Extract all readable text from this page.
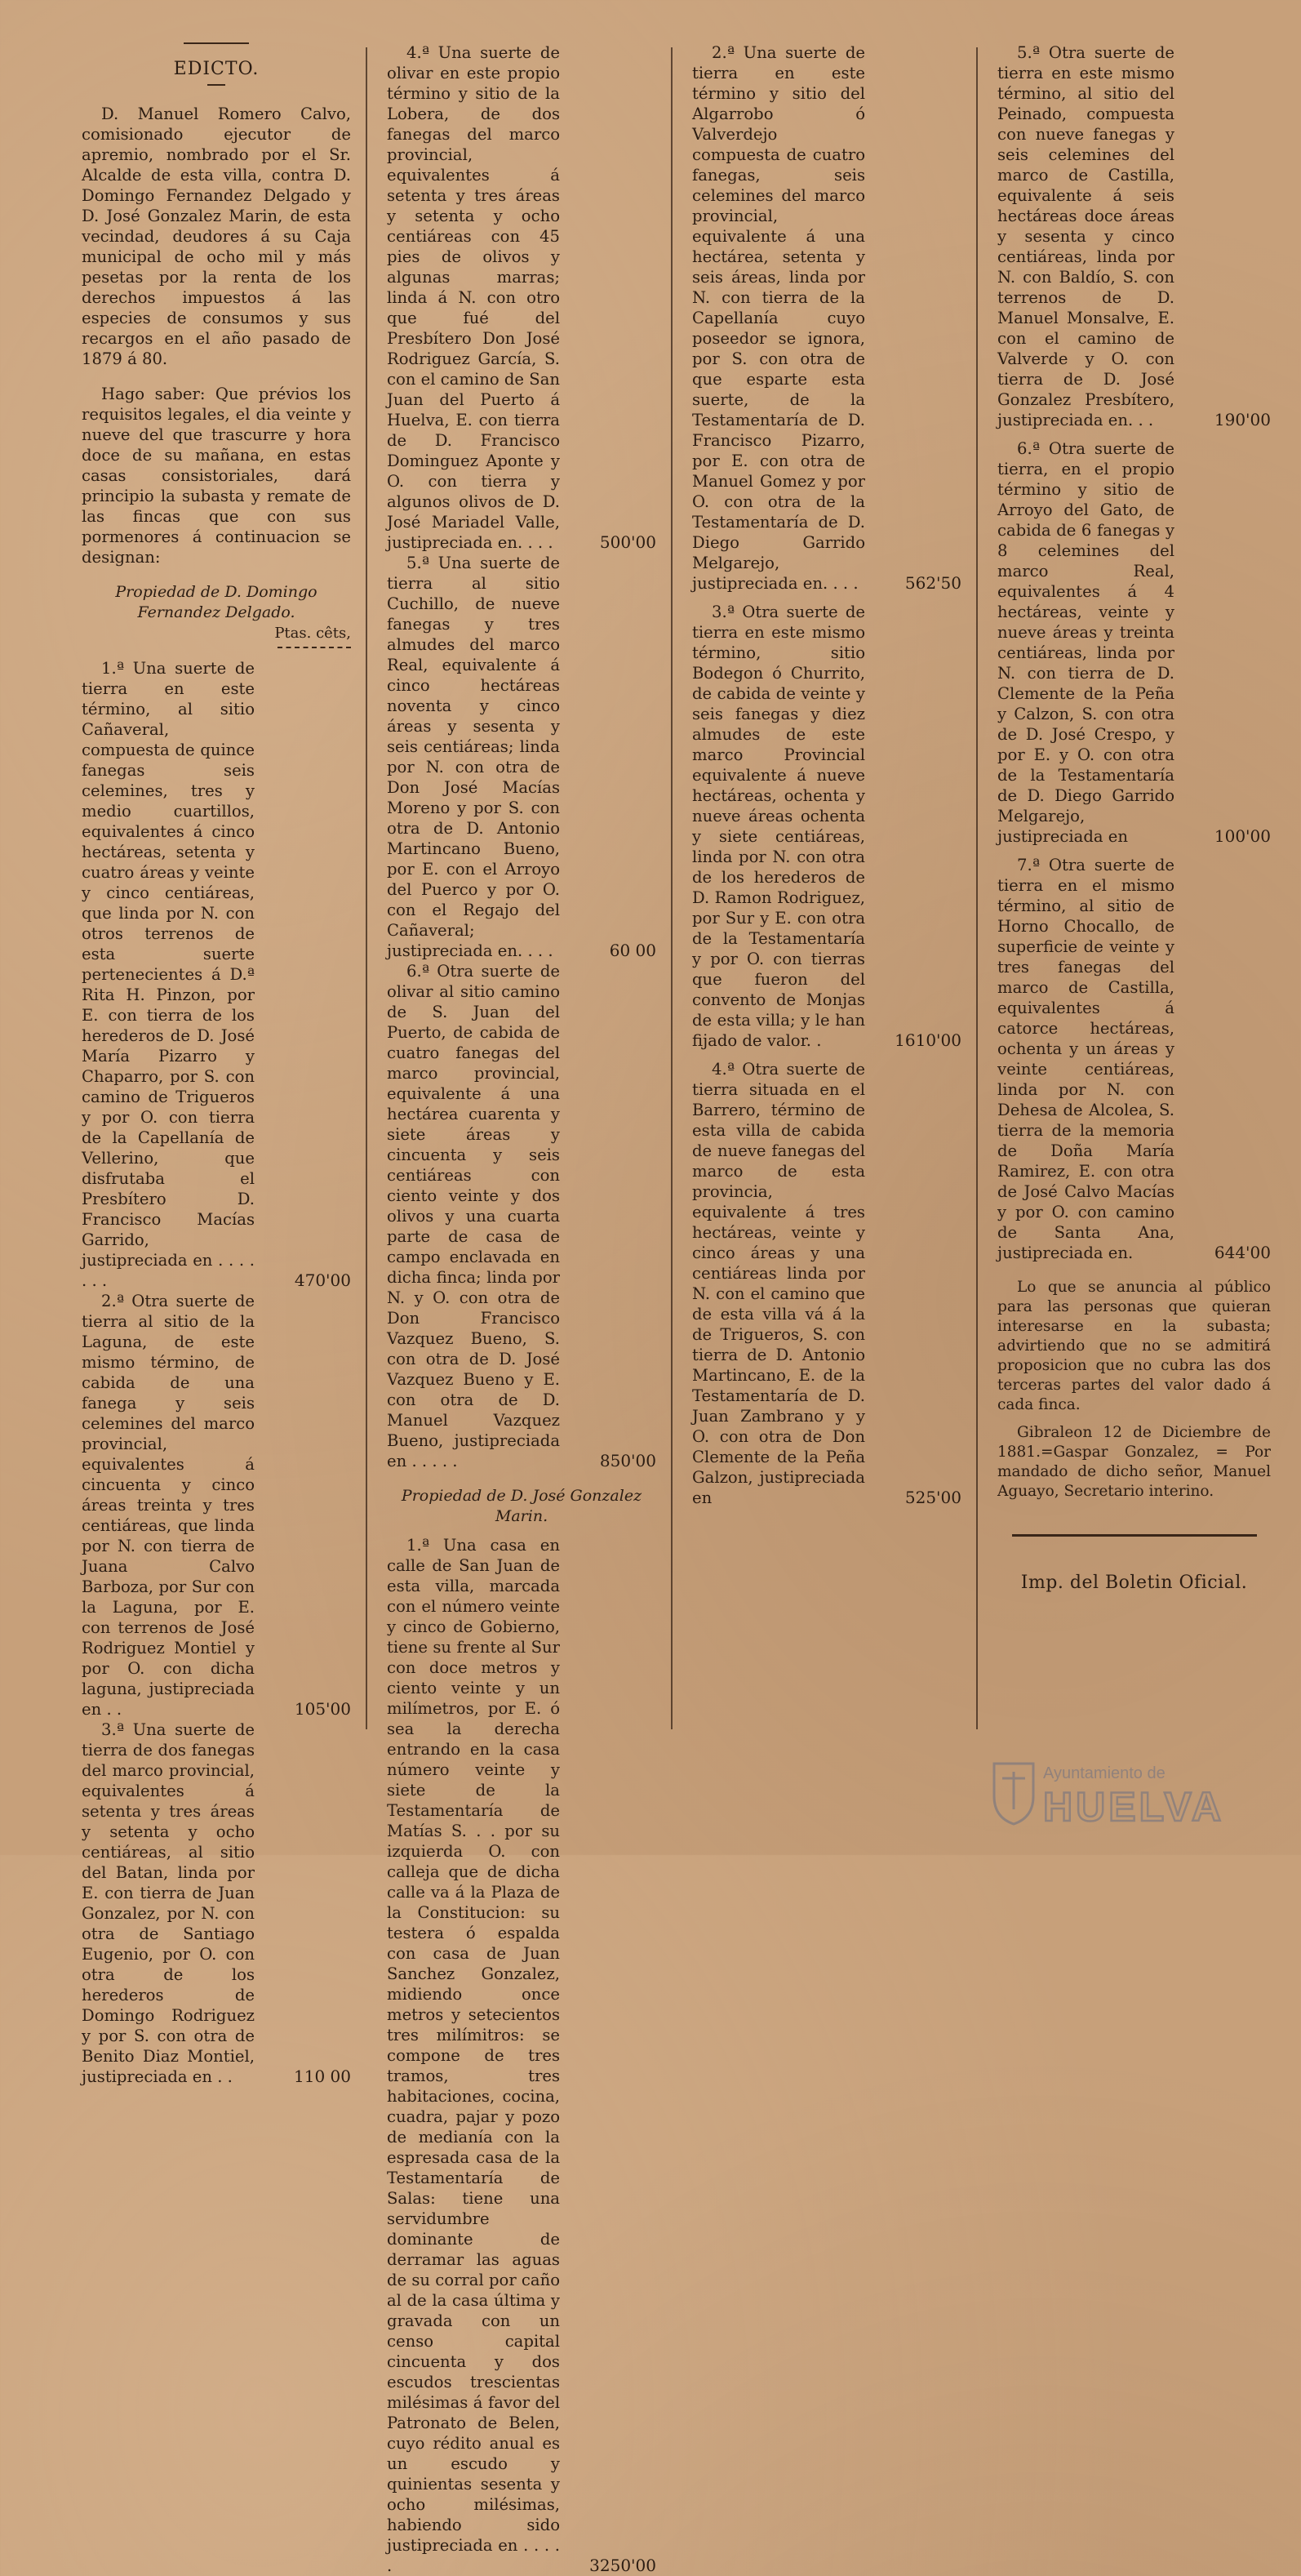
EDICTO.

D. Manuel Romero Calvo, comisionado ejecutor de apremio, nombrado por el Sr. Alcalde de esta villa, contra D. Domingo Fernandez Delgado y D. José Gonzalez Marin, de esta vecindad, deudores á su Caja municipal de ocho mil y más pesetas por la renta de los derechos impuestos á las especies de consumos y sus recargos en el año pasado de 1879 á 80.

Hago saber: Que prévios los requisitos legales, el dia veinte y nueve del que trascurre y hora doce de su mañana, en estas casas consistoriales, dará principio la subasta y remate de las fincas que con sus pormenores á continuacion se designan:

Propiedad de D. Domingo Fernandez Delgado.
Ptas. cêts,

1.ª Una suerte de tierra en este término, al sitio Cañaveral, compuesta de quince fanegas seis celemines, tres y medio cuartillos, equivalentes á cinco hectáreas, setenta y cuatro áreas y veinte y cinco centiáreas, que linda por N. con otros terrenos de esta suerte pertenecientes á D.ª Rita H. Pinzon, por E. con tierra de los herederos de D. José María Pizarro y Chaparro, por S. con camino de Trigueros y por O. con tierra de la Capellanía de Vellerino, que disfrutaba el Presbítero D. Francisco Macías Garrido, justipreciada en . . . . . . .	470'00

2.ª Otra suerte de tierra al sitio de la Laguna, de este mismo término, de cabida de una fanega y seis celemines del marco provincial, equivalentes á cincuenta y cinco áreas treinta y tres centiáreas, que linda por N. con tierra de Juana Calvo Barboza, por Sur con la Laguna, por E. con terrenos de José Rodriguez Montiel y por O. con dicha laguna, justipreciada en . .	105'00

3.ª Una suerte de tierra de dos fanegas del marco provincial, equivalentes á setenta y tres áreas y setenta y ocho centiáreas, al sitio del Batan, linda por E. con tierra de Juan Gonzalez, por N. con otra de Santiago Eugenio, por O. con otra de los herederos de Domingo Rodriguez y por S. con otra de Benito Diaz Montiel, justipreciada en . .	110 00

4.ª Una suerte de olivar en este propio término y sitio de la Lobera, de dos fanegas del marco provincial, equivalentes á setenta y tres áreas y setenta y ocho centiáreas con 45 pies de olivos y algunas marras; linda á N. con otro que fué del Presbítero Don José Rodriguez García, S. con el camino de San Juan del Puerto á Huelva, E. con tierra de D. Francisco Dominguez Aponte y O. con tierra y algunos olivos de D. José Mariadel Valle, justipreciada en. . . .	500'00

5.ª Una suerte de tierra al sitio Cuchillo, de nueve fanegas y tres almudes del marco Real, equivalente á cinco hectáreas noventa y cinco áreas y sesenta y seis centiáreas; linda por N. con otra de Don José Macías Moreno y por S. con otra de D. Antonio Martincano Bueno, por E. con el Arroyo del Puerco y por O. con el Regajo del Cañaveral; justipreciada en. . . .	60 00

6.ª Otra suerte de olivar al sitio camino de S. Juan del Puerto, de cabida de cuatro fanegas del marco provincial, equivalente á una hectárea cuarenta y siete áreas y cincuenta y seis centiáreas con ciento veinte y dos olivos y una cuarta parte de casa de campo enclavada en dicha finca; linda por N. y O. con otra de Don Francisco Vazquez Bueno, S. con otra de D. José Vazquez Bueno y E. con otra de D. Manuel Vazquez Bueno, justipreciada en . . . . .	850'00
Propiedad de D. José Gonzalez Marin.

1.ª Una casa en calle de San Juan de esta villa, marcada con el número veinte y cinco de Gobierno, tiene su frente al Sur con doce metros y ciento veinte y un milímetros, por E. ó sea la derecha entrando en la casa número veinte y siete de la Testamentaría de Matías S. . . por su izquierda O. con calleja que de dicha calle va á la Plaza de la Constitucion: su testera ó espalda con casa de Juan Sanchez Gonzalez, midiendo once metros y setecientos tres milímitros: se compone de tres tramos, tres habitaciones, cocina, cuadra, pajar y pozo de medianía con la espresada casa de la Testamentaría de Salas: tiene una servidumbre dominante de derramar las aguas de su corral por caño al de la casa última y gravada con un censo capital cincuenta y dos escudos trescientas milésimas á favor del Patronato de Belen, cuyo rédito anual es un escudo y quinientas sesenta y ocho milésimas, habiendo sido justipreciada en . . . . .	3250'00

2.ª Una suerte de tierra en este término y sitio del Algarrobo ó Valverdejo compuesta de cuatro fanegas, seis celemines del marco provincial, equivalente á una hectárea, setenta y seis áreas, linda por N. con tierra de la Capellanía cuyo poseedor se ignora, por S. con otra de que esparte esta suerte, de la Testamentaría de D. Francisco Pizarro, por E. con otra de Manuel Gomez y por O. con otra de la Testamentaría de D. Diego Garrido Melgarejo, justipreciada en. . . .	562'50

3.ª Otra suerte de tierra en este mismo término, sitio Bodegon ó Churrito, de cabida de veinte y seis fanegas y diez almudes de este marco Provincial equivalente á nueve hectáreas, ochenta y nueve áreas ochenta y siete centiáreas, linda por N. con otra de los herederos de D. Ramon Rodriguez, por Sur y E. con otra de la Testamentaría y por O. con tierras que fueron del convento de Monjas de esta villa; y le han fijado de valor. .	1610'00

4.ª Otra suerte de tierra situada en el Barrero, término de esta villa de cabida de nueve fanegas del marco de esta provincia, equivalente á tres hectáreas, veinte y cinco áreas y una centiáreas linda por N. con el camino que de esta villa vá á la de Trigueros, S. con tierra de D. Antonio Martincano, E. de la Testamentaría de D. Juan Zambrano y y O. con otra de Don Clemente de la Peña Galzon, justipreciada en	525'00

5.ª Otra suerte de tierra en este mismo término, al sitio del Peinado, compuesta con nueve fanegas y seis celemines del marco de Castilla, equivalente á seis hectáreas doce áreas y sesenta y cinco centiáreas, linda por N. con Baldío, S. con terrenos de D. Manuel Monsalve, E. con el camino de Valverde y O. con tierra de D. José Gonzalez Presbítero, justipreciada en. . .	190'00

6.ª Otra suerte de tierra, en el propio término y sitio de Arroyo del Gato, de cabida de 6 fanegas y 8 celemines del marco Real, equivalentes á 4 hectáreas, veinte y nueve áreas y treinta centiáreas, linda por N. con tierra de D. Clemente de la Peña y Calzon, S. con otra de D. José Crespo, y por E. y O. con otra de la Testamentaría de D. Diego Garrido Melgarejo, justipreciada en	100'00

7.ª Otra suerte de tierra en el mismo término, al sitio de Horno Chocallo, de superficie de veinte y tres fanegas del marco de Castilla, equivalentes á catorce hectáreas, ochenta y un áreas y veinte centiáreas, linda por N. con Dehesa de Alcolea, S. tierra de la memoria de Doña María Ramirez, E. con otra de José Calvo Macías y por O. con camino de Santa Ana, justipreciada en.	644'00

Lo que se anuncia al público para las personas que quieran interesarse en la subasta; advirtiendo que no se admitirá proposicion que no cubra las dos terceras partes del valor dado á cada finca.

Gibraleon 12 de Diciembre de 1881.=Gaspar Gonzalez, = Por mandado de dicho señor, Manuel Aguayo, Secretario interino.

Imp. del Boletin Oficial.
Ayuntamiento de
HUELVA
